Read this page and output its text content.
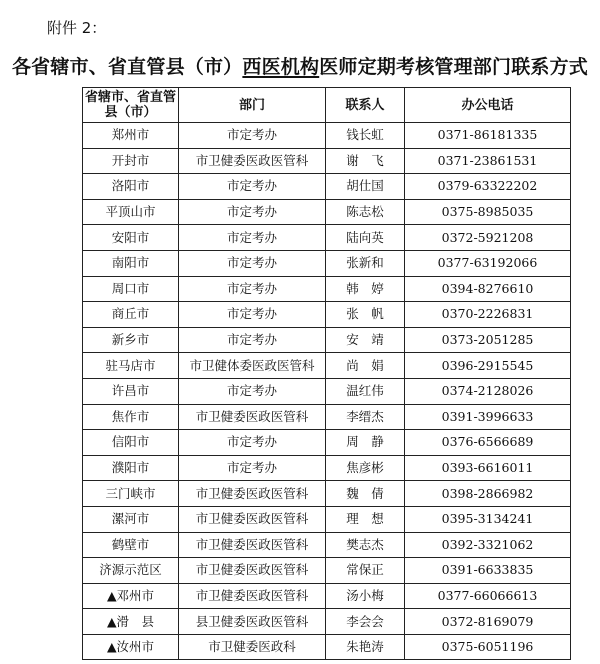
附件 2：
各省辖市、省直管县（市）西医机构医师定期考核管理部门联系方式
省辖市、省直管县（市）	部门	联系人	办公电话
郑州市	市定考办	钱长虹	0371-86181335
开封市	市卫健委医政医管科	谢　飞	0371-23861531
洛阳市	市定考办	胡仕国	0379-63322202
平顶山市	市定考办	陈志松	0375-8985035
安阳市	市定考办	陆向英	0372-5921208
南阳市	市定考办	张新和	0377-63192066
周口市	市定考办	韩　婷	0394-8276610
商丘市	市定考办	张　帆	0370-2226831
新乡市	市定考办	安　靖	0373-2051285
驻马店市	市卫健体委医政医管科	尚　娟	0396-2915545
许昌市	市定考办	温红伟	0374-2128026
焦作市	市卫健委医政医管科	李缙杰	0391-3996633
信阳市	市定考办	周　静	0376-6566689
濮阳市	市定考办	焦彦彬	0393-6616011
三门峡市	市卫健委医政医管科	魏　倩	0398-2866982
漯河市	市卫健委医政医管科	理　想	0395-3134241
鹤壁市	市卫健委医政医管科	樊志杰	0392-3321062
济源示范区	市卫健委医政医管科	常保正	0391-6633835
▲邓州市	市卫健委医政医管科	汤小梅	0377-66066613
▲滑　县	县卫健委医政医管科	李会会	0372-8169079
▲汝州市	市卫健委医政科	朱艳涛	0375-6051196
